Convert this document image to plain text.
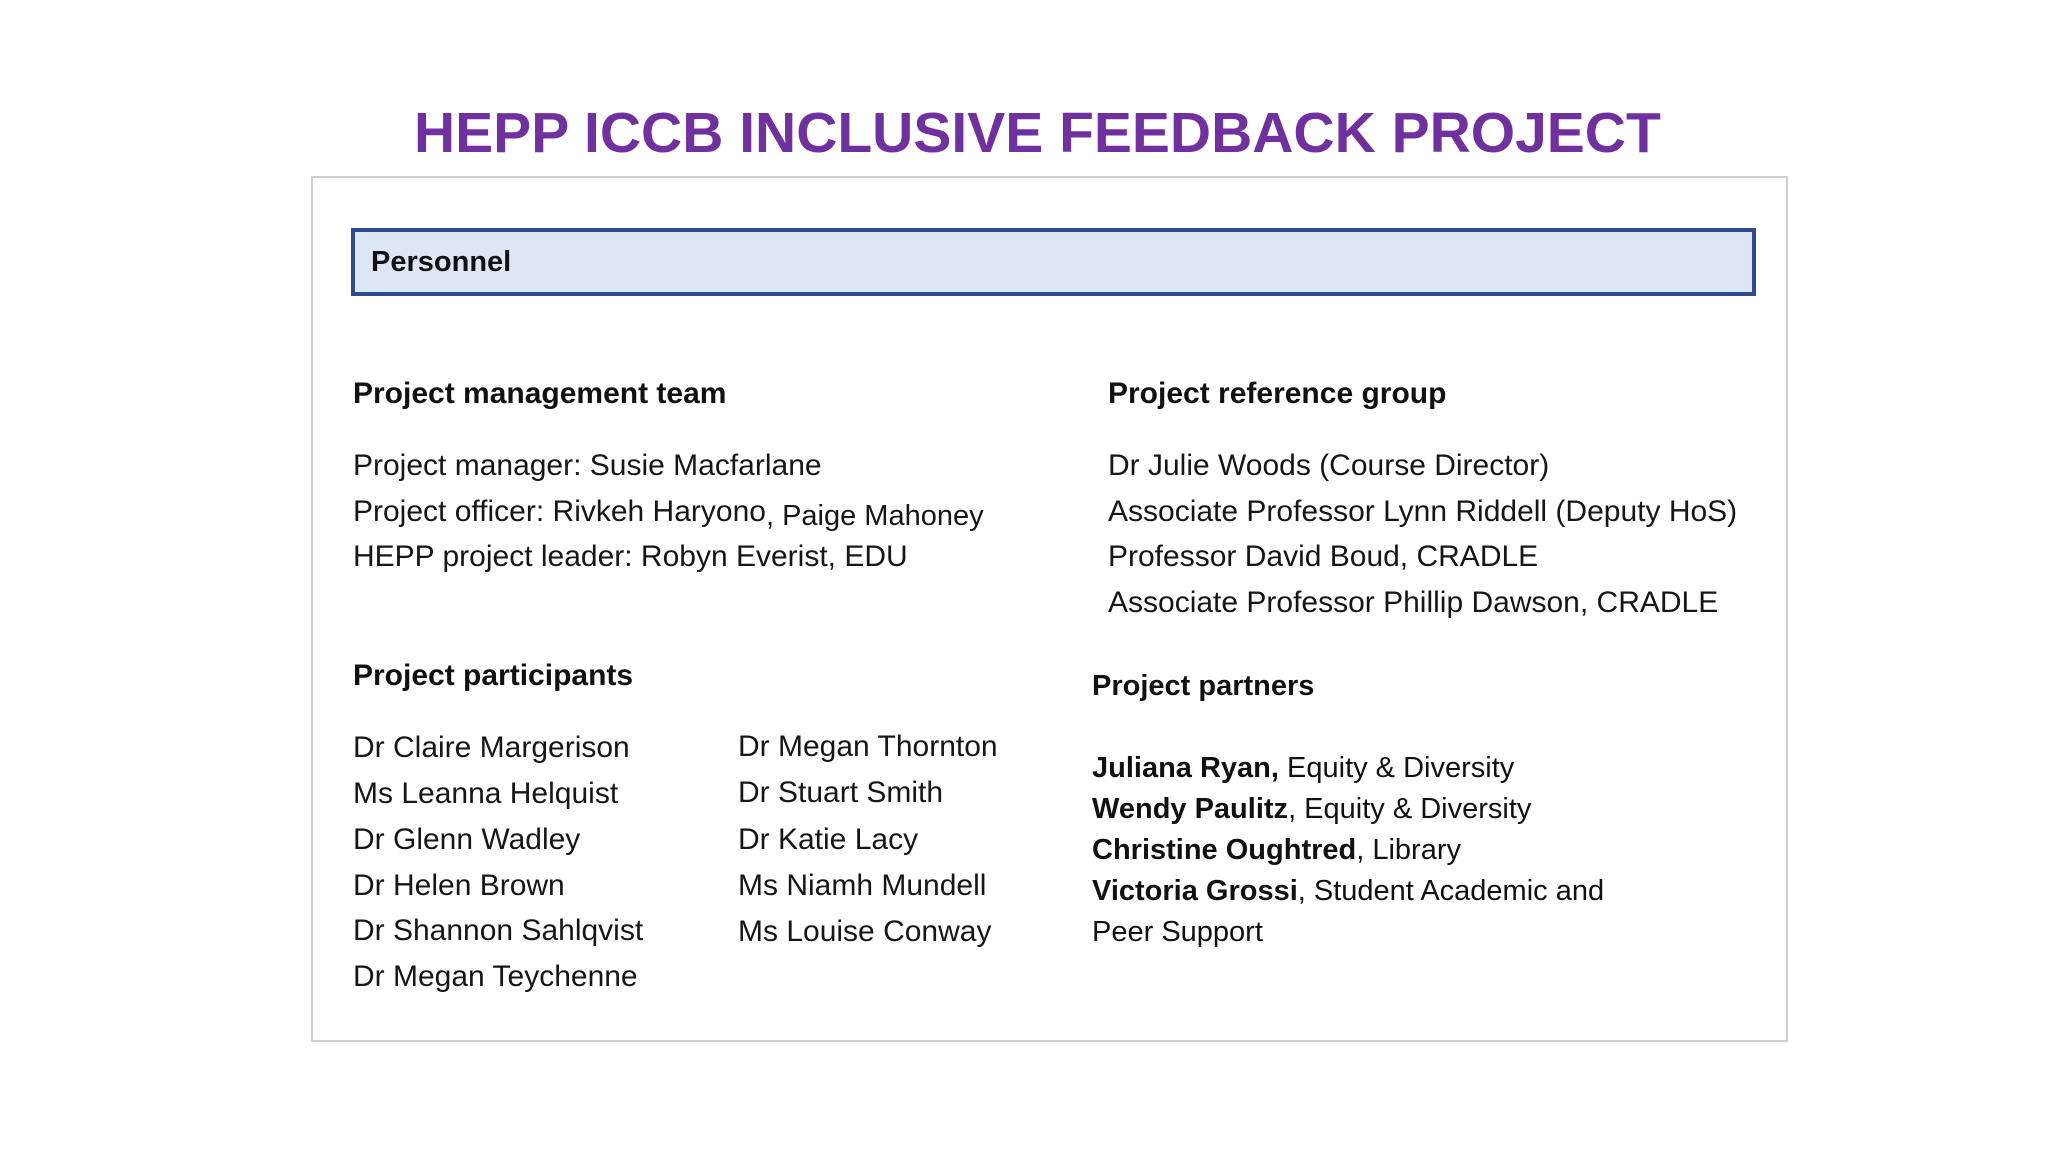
HEPP ICCB INCLUSIVE FEEDBACK PROJECT
Personnel
Project management team
Project manager: Susie Macfarlane
Project officer: Rivkeh Haryono, Paige Mahoney
HEPP project leader: Robyn Everist, EDU
Project reference group
Dr Julie Woods (Course Director)
Associate Professor Lynn Riddell (Deputy HoS)
Professor David Boud, CRADLE
Associate Professor Phillip Dawson, CRADLE
Project participants
Dr Claire Margerison
Ms Leanna Helquist
Dr Glenn Wadley
Dr Helen Brown
Dr Shannon Sahlqvist
Dr Megan Teychenne
Dr Megan Thornton
Dr Stuart Smith
Dr Katie Lacy
Ms Niamh Mundell
Ms Louise Conway
Project partners
Juliana Ryan, Equity & Diversity
Wendy Paulitz, Equity & Diversity
Christine Oughtred, Library
Victoria Grossi, Student Academic and
Peer Support
